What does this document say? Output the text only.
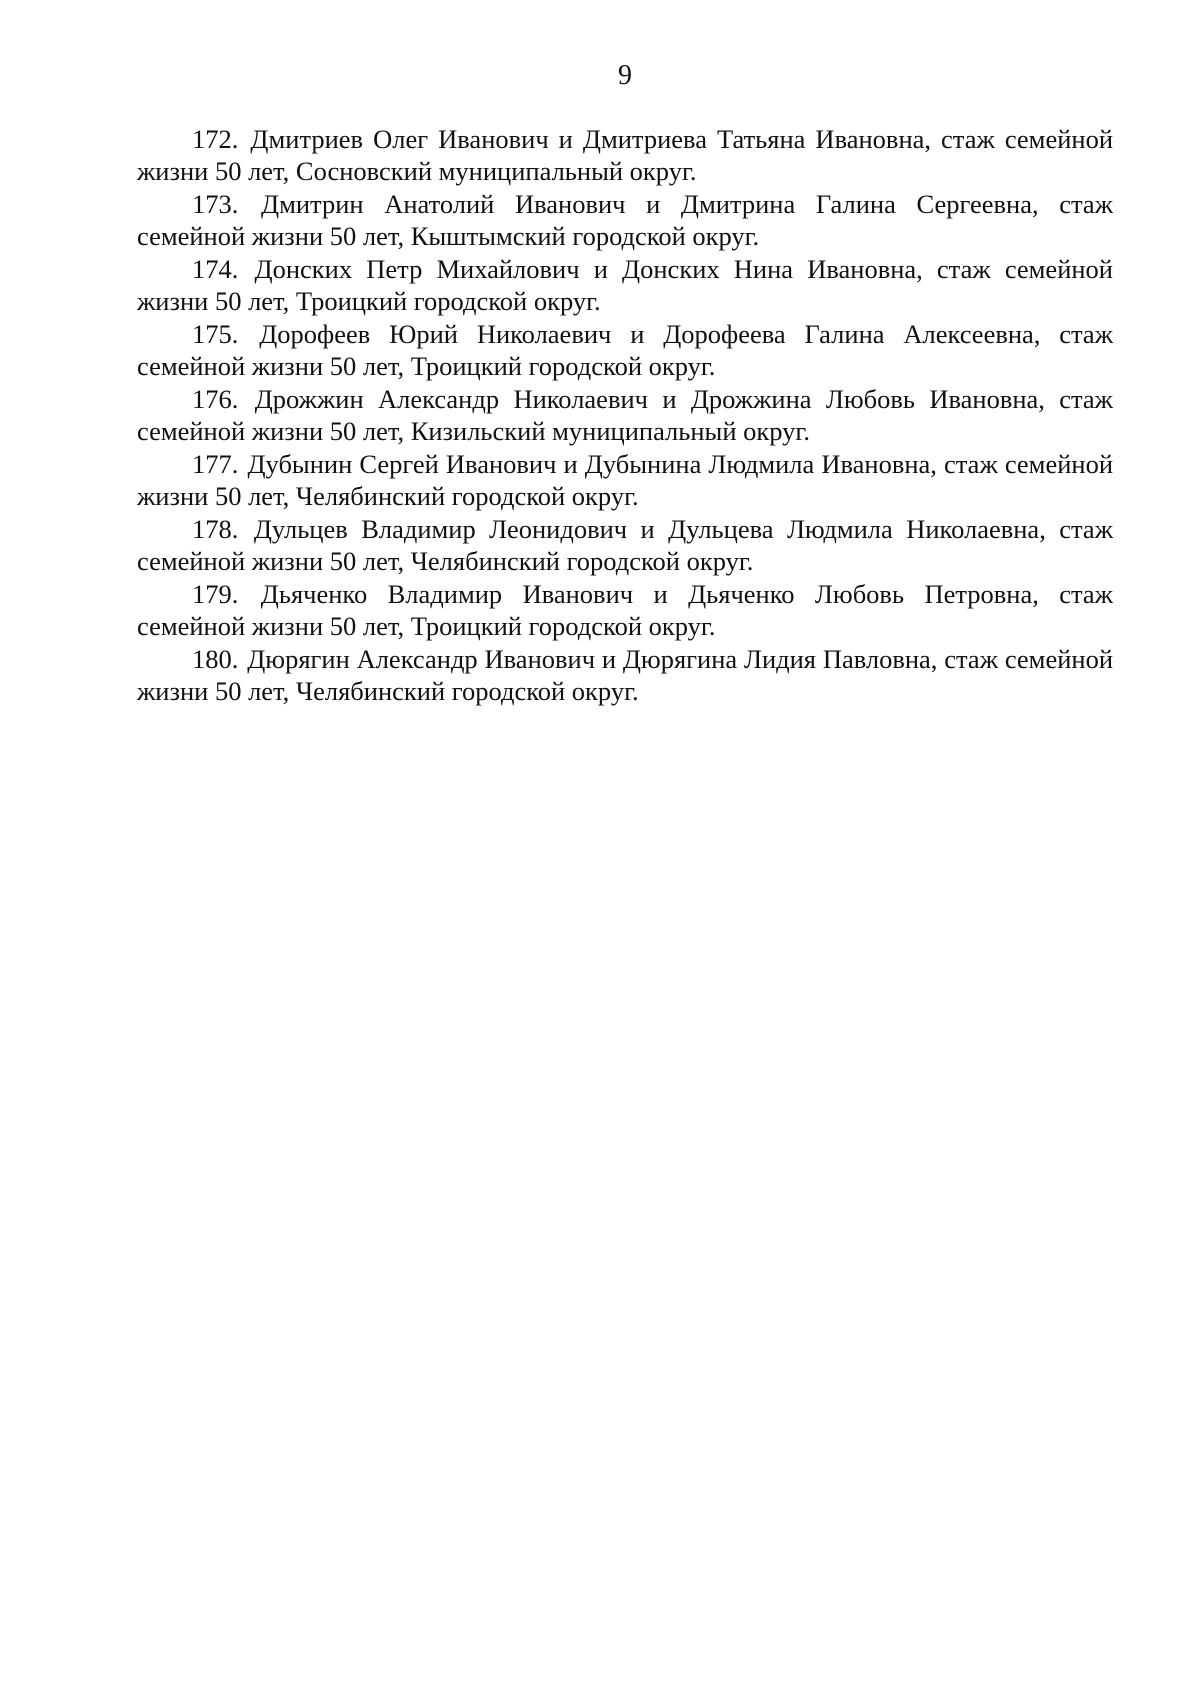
9
172. Дмитриев Олег Иванович и Дмитриева Татьяна Ивановна, стаж семейной жизни 50 лет, Сосновский муниципальный округ.
173. Дмитрин Анатолий Иванович и Дмитрина Галина Сергеевна, стаж семейной жизни 50 лет, Кыштымский городской округ.
174. Донских Петр Михайлович и Донских Нина Ивановна, стаж семейной жизни 50 лет, Троицкий городской округ.
175. Дорофеев Юрий Николаевич и Дорофеева Галина Алексеевна, стаж семейной жизни 50 лет, Троицкий городской округ.
176. Дрожжин Александр Николаевич и Дрожжина Любовь Ивановна, стаж семейной жизни 50 лет, Кизильский муниципальный округ.
177. Дубынин Сергей Иванович и Дубынина Людмила Ивановна, стаж семейной жизни 50 лет, Челябинский городской округ.
178. Дульцев Владимир Леонидович и Дульцева Людмила Николаевна, стаж семейной жизни 50 лет, Челябинский городской округ.
179. Дьяченко Владимир Иванович и Дьяченко Любовь Петровна, стаж семейной жизни 50 лет, Троицкий городской округ.
180. Дюрягин Александр Иванович и Дюрягина Лидия Павловна, стаж семейной жизни 50 лет, Челябинский городской округ.
